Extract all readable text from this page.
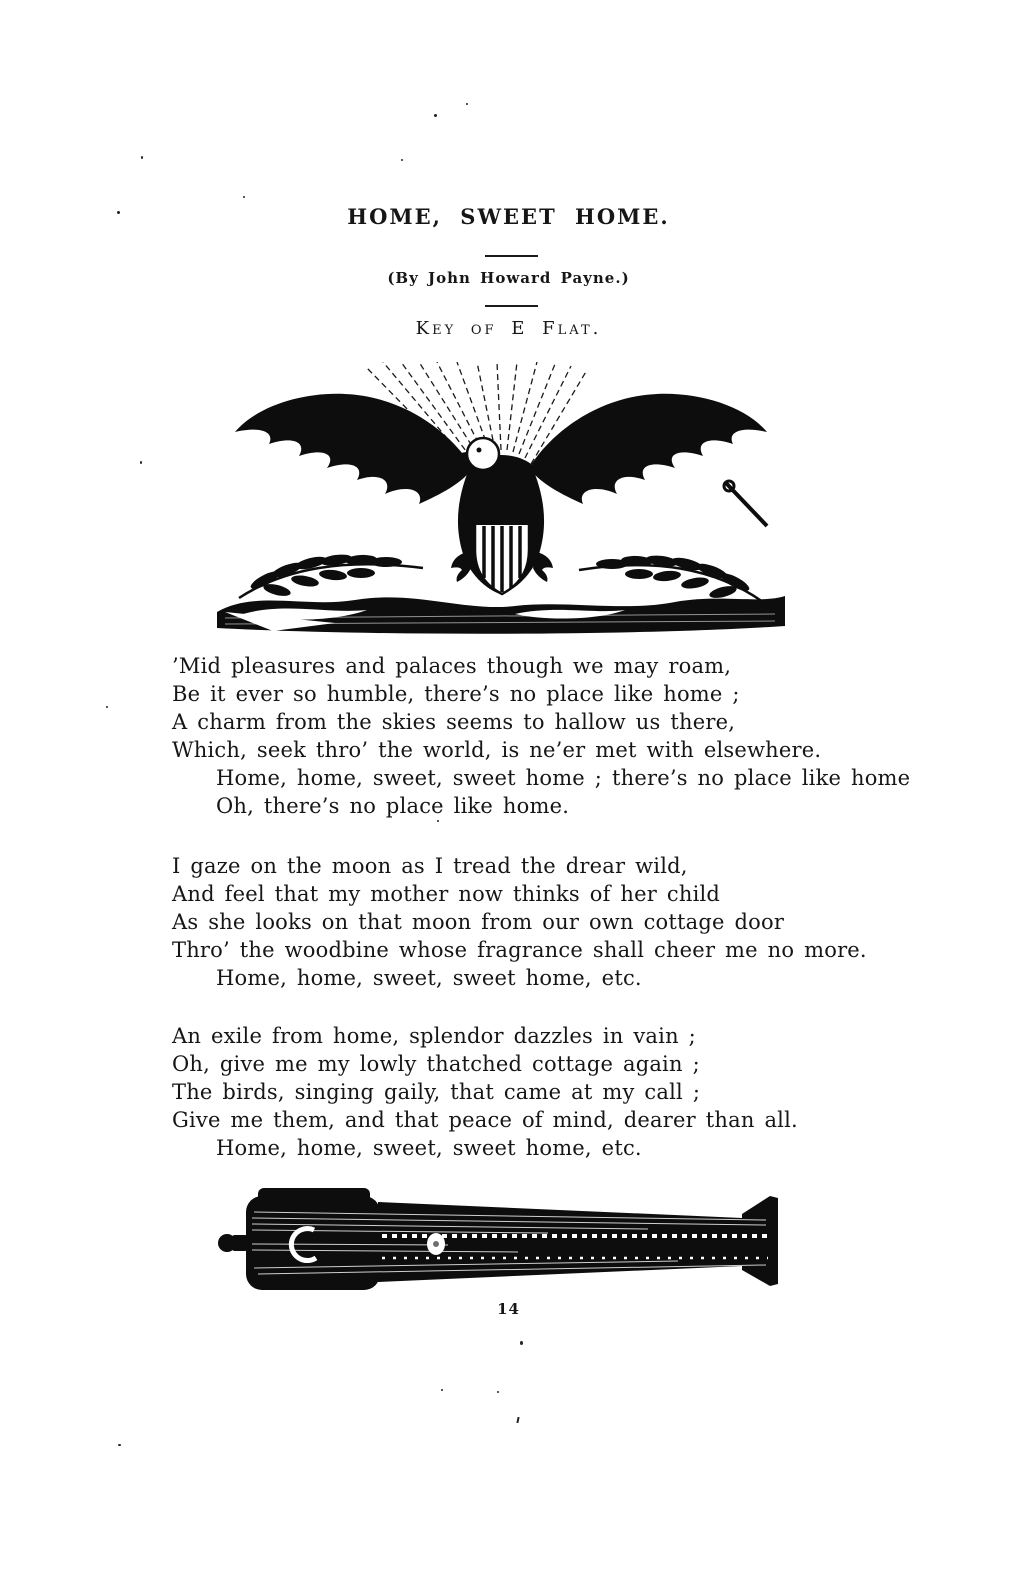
HOME, SWEET HOME.
(By John Howard Payne.)
Key of E Flat.
’Mid pleasures and palaces though we may roam,
Be it ever so humble, there’s no place like home ;
A charm from the skies seems to hallow us there,
Which, seek thro’ the world, is ne’er met with elsewhere.
Home, home, sweet, sweet home ; there’s no place like home
Oh, there’s no place like home.
I gaze on the moon as I tread the drear wild,
And feel that my mother now thinks of her child
As she looks on that moon from our own cottage door
Thro’ the woodbine whose fragrance shall cheer me no more.
Home, home, sweet, sweet home, etc.
An exile from home, splendor dazzles in vain ;
Oh, give me my lowly thatched cottage again ;
The birds, singing gaily, that came at my call ;
Give me them, and that peace of mind, dearer than all.
Home, home, sweet, sweet home, etc.
14
